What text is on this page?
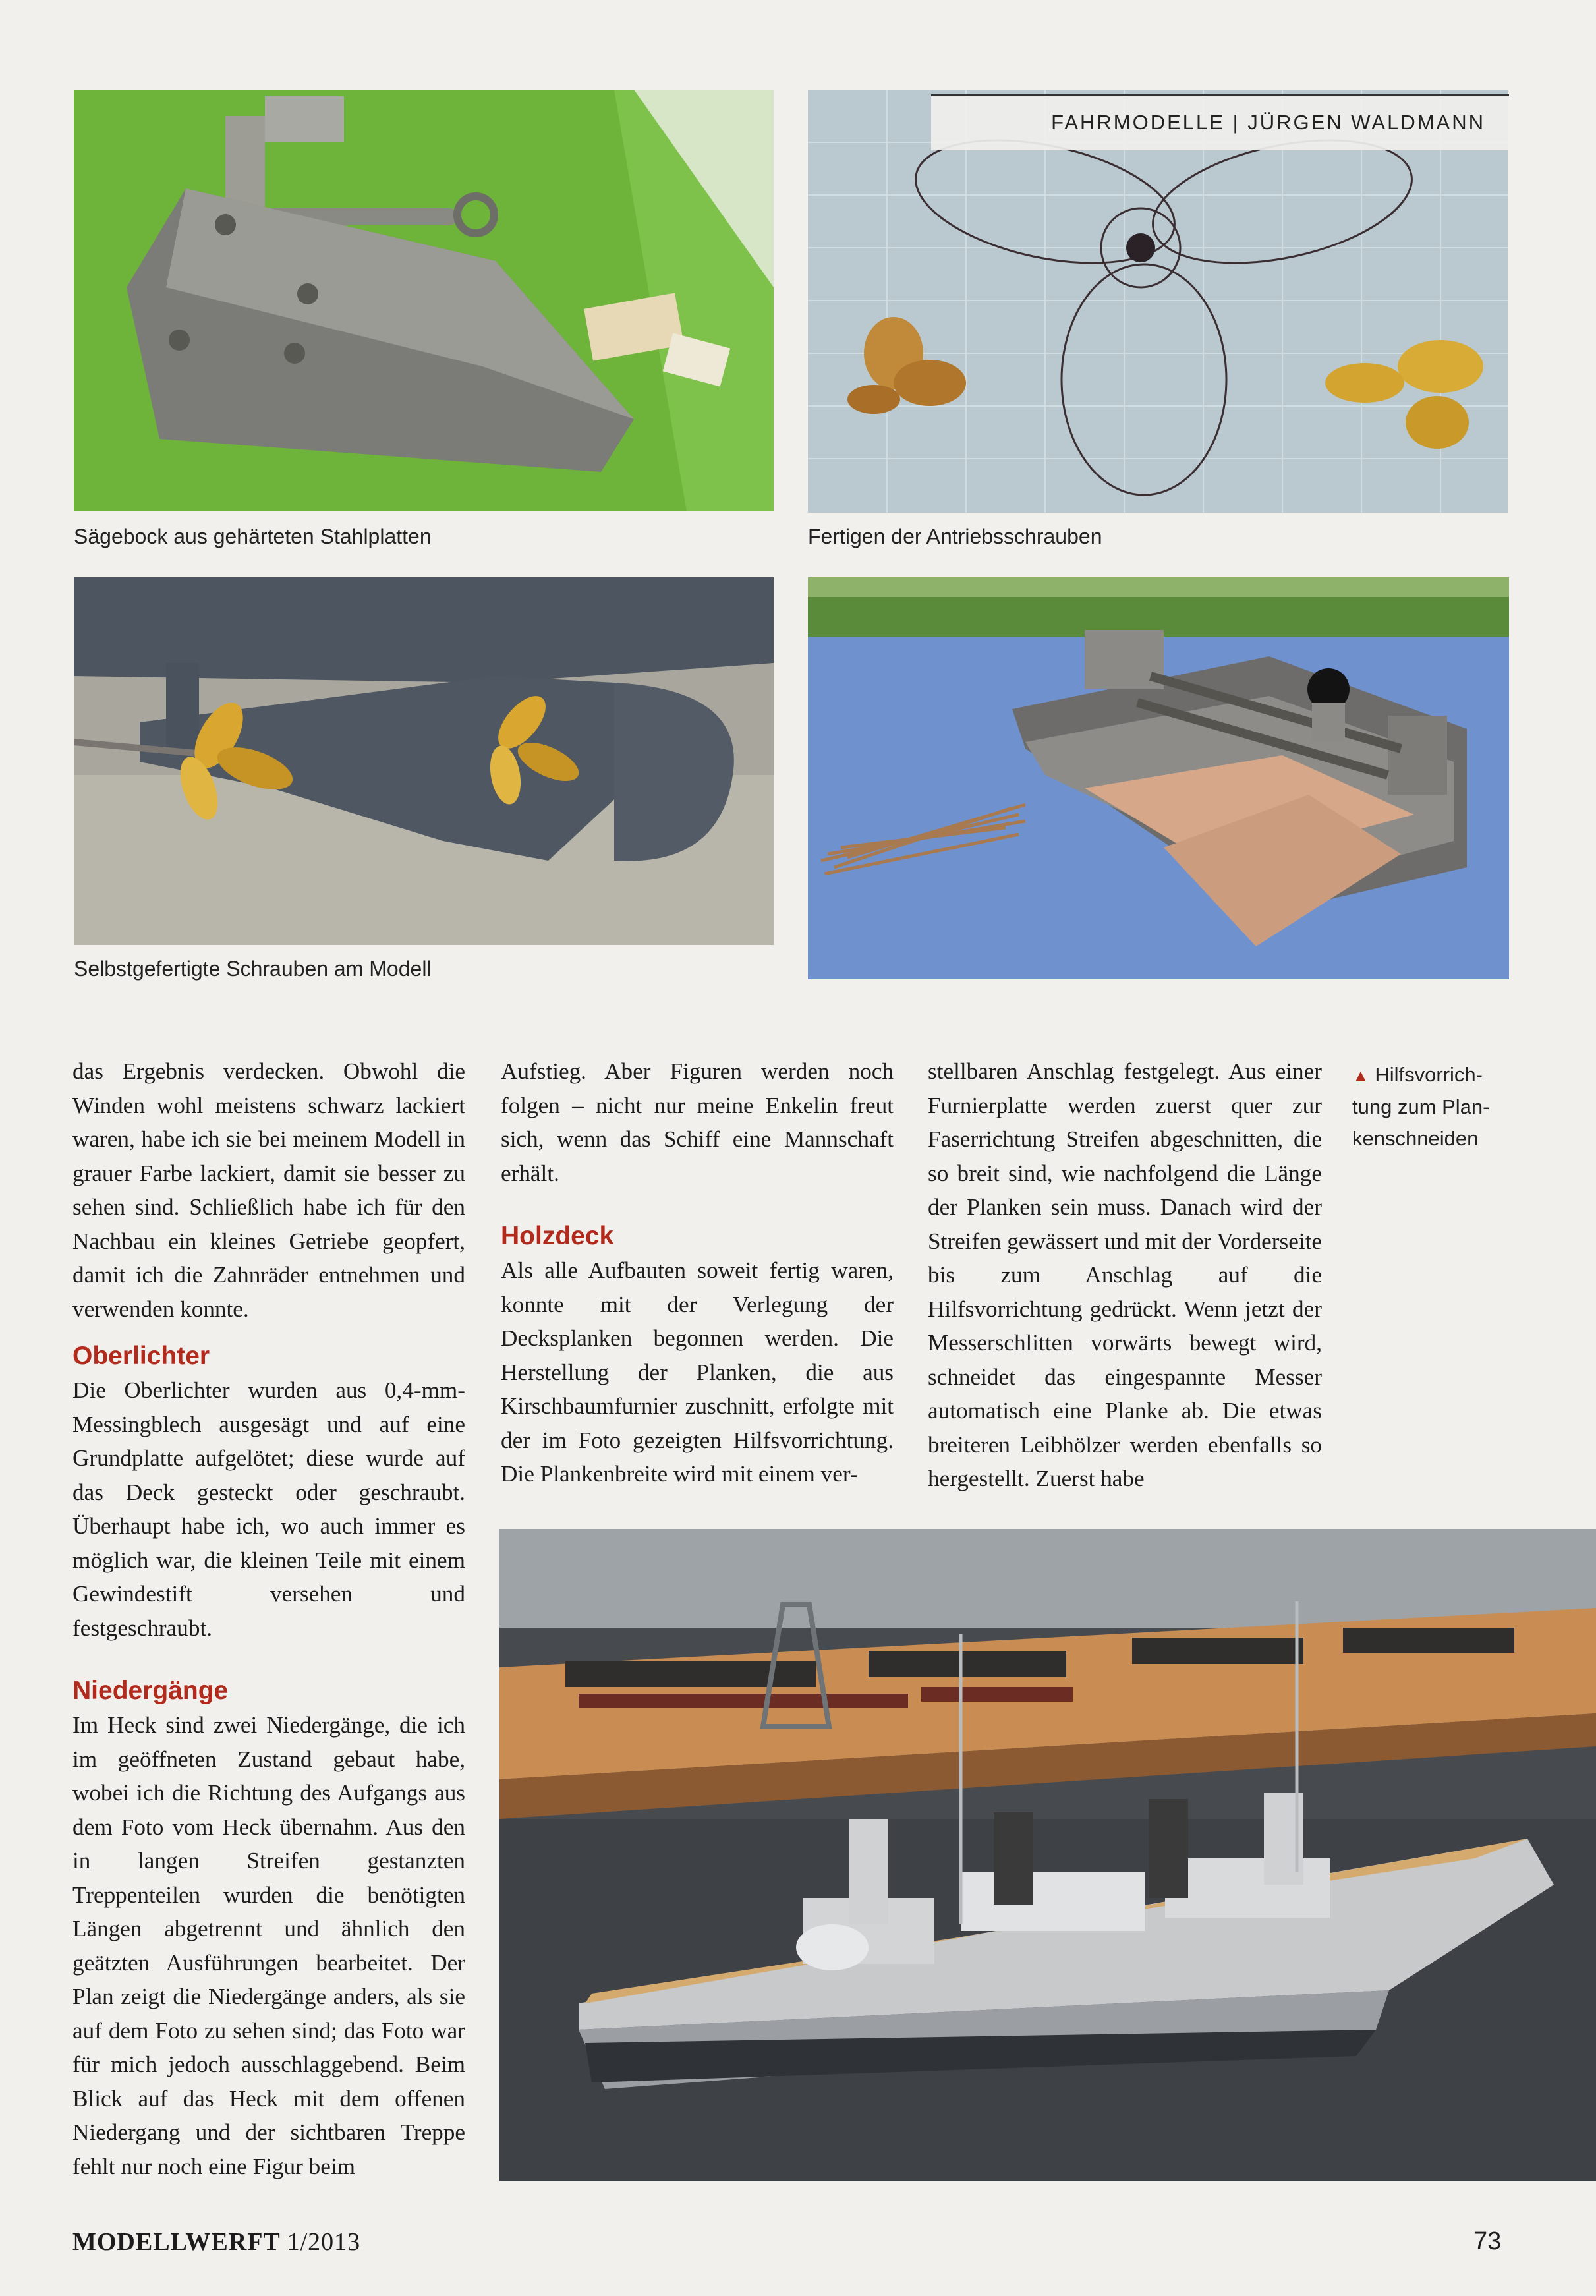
Sägebock aus gehärteten Stahlplatten
FAHRMODELLE | JÜRGEN WALDMANN
Fertigen der Antriebsschrauben
Selbstgefertigte Schrauben am Modell
▲ Hilfsvorrich-
tung zum Plan-
kenschneiden

das Ergebnis verdecken. Obwohl die Winden wohl meistens schwarz lackiert waren, habe ich sie bei meinem Modell in grauer Farbe lackiert, damit sie besser zu sehen sind. Schließlich habe ich für den Nachbau ein kleines Getriebe geopfert, damit ich die Zahnräder entnehmen und verwenden konnte.

Oberlichter

Die Oberlichter wurden aus 0,4-mm-Messingblech ausgesägt und auf eine Grundplatte aufgelötet; diese wurde auf das Deck gesteckt oder geschraubt. Überhaupt habe ich, wo auch immer es möglich war, die kleinen Teile mit einem Gewindestift versehen und festgeschraubt.

Niedergänge

Im Heck sind zwei Niedergänge, die ich im geöffneten Zustand gebaut habe, wobei ich die Richtung des Aufgangs aus dem Foto vom Heck übernahm. Aus den in langen Streifen gestanzten Treppenteilen wurden die benötigten Längen abgetrennt und ähnlich den geätzten Ausführungen bearbeitet. Der Plan zeigt die Niedergänge anders, als sie auf dem Foto zu sehen sind; das Foto war für mich jedoch ausschlaggebend. Beim Blick auf das Heck mit dem offenen Niedergang und der sichtbaren Treppe fehlt nur noch eine Figur beim

Aufstieg. Aber Figuren werden noch folgen – nicht nur meine Enkelin freut sich, wenn das Schiff eine Mannschaft erhält.

Holzdeck

Als alle Aufbauten soweit fertig waren, konnte mit der Verlegung der Decksplanken begonnen werden. Die Herstellung der Planken, die aus Kirschbaumfurnier zuschnitt, erfolgte mit der im Foto gezeigten Hilfsvorrichtung. Die Plankenbreite wird mit einem ver-

stellbaren Anschlag festgelegt. Aus einer Furnierplatte werden zuerst quer zur Faserrichtung Streifen abgeschnitten, die so breit sind, wie nachfolgend die Länge der Planken sein muss. Danach wird der Streifen gewässert und mit der Vorderseite bis zum Anschlag auf die Hilfsvorrichtung gedrückt. Wenn jetzt der Messerschlitten vorwärts bewegt wird, schneidet das eingespannte Messer automatisch eine Planke ab. Die etwas breiteren Leibhölzer werden ebenfalls so hergestellt. Zuerst habe

MODELLWERFT 1/2013	73
